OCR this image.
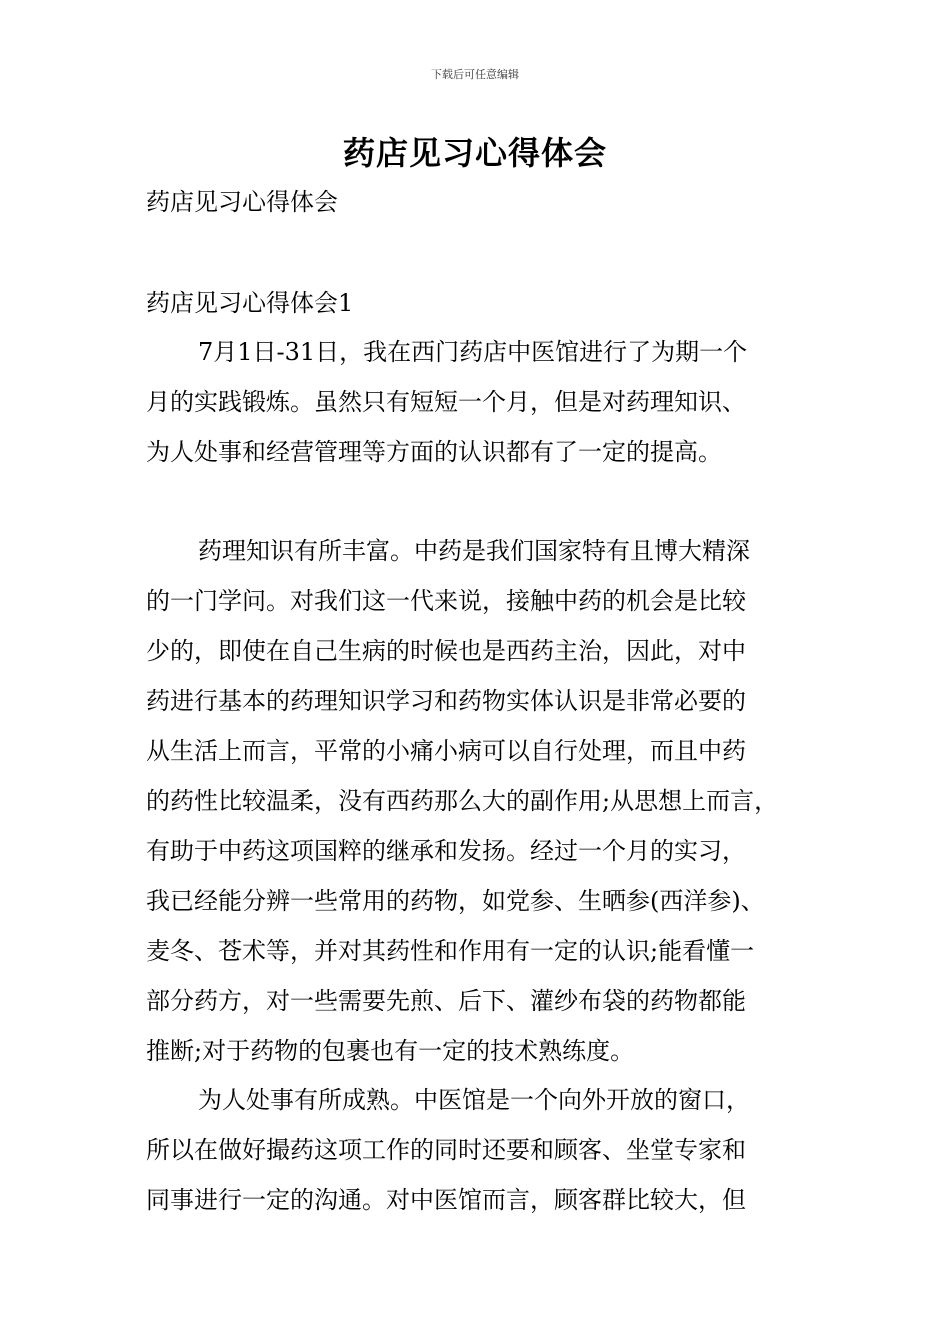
下载后可任意编辑
药店见习心得体会
药店见习心得体会
药店见习心得体会1
7月1日-31日，我在西门药店中医馆进行了为期一个
月的实践锻炼。虽然只有短短一个月，但是对药理知识、
为人处事和经营管理等方面的认识都有了一定的提高。
药理知识有所丰富。中药是我们国家特有且博大精深
的一门学问。对我们这一代来说，接触中药的机会是比较
少的，即使在自己生病的时候也是西药主治，因此，对中
药进行基本的药理知识学习和药物实体认识是非常必要的
从生活上而言，平常的小痛小病可以自行处理，而且中药
的药性比较温柔，没有西药那么大的副作用;从思想上而言，
有助于中药这项国粹的继承和发扬。经过一个月的实习，
我已经能分辨一些常用的药物，如党参、生晒参(西洋参)、
麦冬、苍术等，并对其药性和作用有一定的认识;能看懂一
部分药方，对一些需要先煎、后下、灌纱布袋的药物都能
推断;对于药物的包裹也有一定的技术熟练度。
为人处事有所成熟。中医馆是一个向外开放的窗口，
所以在做好撮药这项工作的同时还要和顾客、坐堂专家和
同事进行一定的沟通。对中医馆而言，顾客群比较大，但
